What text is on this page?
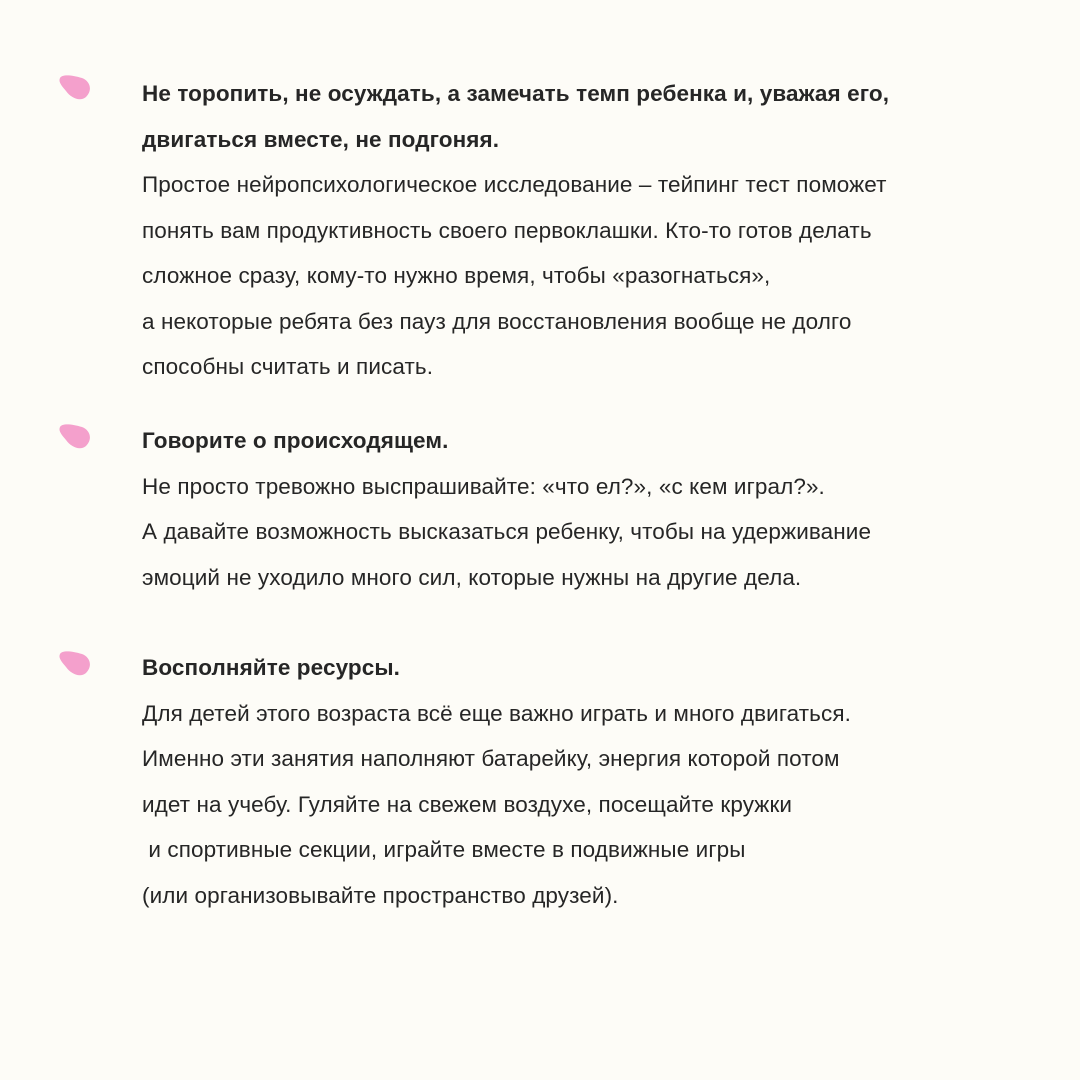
Не торопить, не осуждать, а замечать темп ребенка и, уважая его,
двигаться вместе, не подгоняя.
Простое нейропсихологическое исследование – тейпинг тест поможет
понять вам продуктивность своего первоклашки. Кто-то готов делать
сложное сразу, кому-то нужно время, чтобы «разогнаться»,
а некоторые ребята без пауз для восстановления вообще не долго
способны считать и писать.
Говорите о происходящем.
Не просто тревожно выспрашивайте: «что ел?», «с кем играл?».
А давайте возможность высказаться ребенку, чтобы на удерживание
эмоций не уходило много сил, которые нужны на другие дела.
Восполняйте ресурсы.
Для детей этого возраста всё еще важно играть и много двигаться.
Именно эти занятия наполняют батарейку, энергия которой потом
идет на учебу. Гуляйте на свежем воздухе, посещайте кружки
и спортивные секции, играйте вместе в подвижные игры
(или организовывайте пространство друзей).
